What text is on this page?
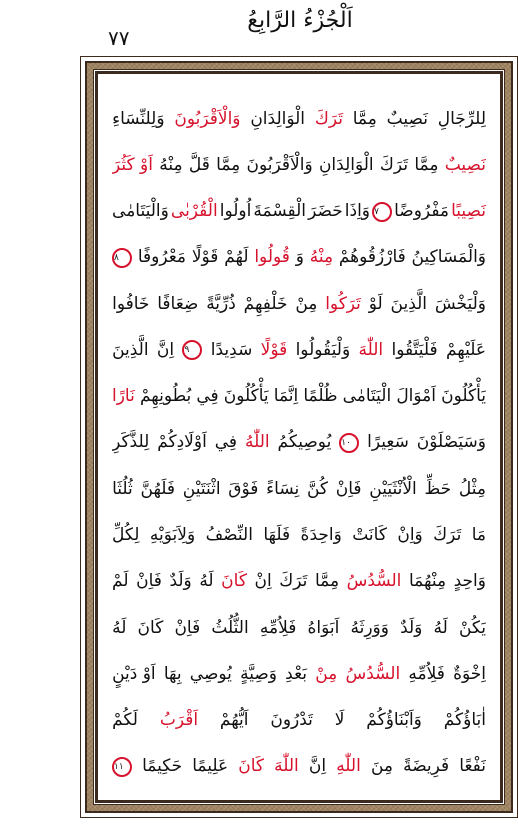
٧٧
اَلْجُزْءُ الرَّابِعُ
لِلرِّجَالِ
نَصِيبٌ
مِمَّا
تَرَكَ
الْوَالِدَانِ
وَالْاَقْرَبُونَ
وَلِلنِّسَاءِ
نَصِيبٌ
مِمَّا
تَرَكَ
الْوَالِدَانِ
وَالْاَقْرَبُونَ
مِمَّا
قَلَّ
مِنْهُ
اَوْ كَثُرَ
نَصِيبًا
مَفْرُوضًا
٧
وَاِذَا
حَضَرَ
الْقِسْمَةَ
اُولُوا
الْقُرْبٰى
وَالْيَتَامٰى
وَالْمَسَاكِينُ
فَارْزُقُوهُمْ
مِنْهُ
وَ
قُولُوا
لَهُمْ
قَوْلًا
مَعْرُوفًا
٨
وَلْيَخْشَ
الَّذِينَ
لَوْ
تَرَكُوا
مِنْ
خَلْفِهِمْ
ذُرِّيَّةً
ضِعَافًا
خَافُوا
عَلَيْهِمْ
فَلْيَتَّقُوا
اللّٰهَ
وَلْيَقُولُوا
قَوْلًا
سَدِيدًا
٩
اِنَّ
الَّذِينَ
يَأْكُلُونَ
اَمْوَالَ
الْيَتَامٰى
ظُلْمًا
اِنَّمَا
يَأْكُلُونَ
فِي
بُطُونِهِمْ
نَارًا
وَسَيَصْلَوْنَ
سَعِيرًا
١٠
يُوصِيكُمُ
اللّٰهُ
فِي
اَوْلَادِكُمْ
لِلذَّكَرِ
مِثْلُ
حَظِّ
الْاُنْثَيَيْنِ
فَاِنْ
كُنَّ
نِسَاءً
فَوْقَ
اثْنَتَيْنِ
فَلَهُنَّ
ثُلُثَا
مَا
تَرَكَ
وَاِنْ
كَانَتْ
وَاحِدَةً
فَلَهَا
النِّصْفُ
وَلِاَبَوَيْهِ
لِكُلِّ
وَاحِدٍ
مِنْهُمَا
السُّدُسُ
مِمَّا
تَرَكَ
اِنْ
كَانَ
لَهُ
وَلَدٌ
فَاِنْ
لَمْ
يَكُنْ
لَهُ
وَلَدٌ
وَوَرِثَهُ
اَبَوَاهُ
فَلِاُمِّهِ
الثُّلُثُ
فَاِنْ
كَانَ
لَهُ
اِخْوَةٌ
فَلِاُمِّهِ
السُّدُسُ
مِنْ
بَعْدِ
وَصِيَّةٍ
يُوصِي
بِهَا
اَوْ دَيْنٍ
اٰبَاؤُكُمْ
وَاَبْنَاؤُكُمْ
لَا
تَدْرُونَ
اَيُّهُمْ
اَقْرَبُ
لَكُمْ
نَفْعًا
فَرِيضَةً
مِنَ
اللّٰهِ
اِنَّ
اللّٰهَ
كَانَ
عَلِيمًا
حَكِيمًا
١١
